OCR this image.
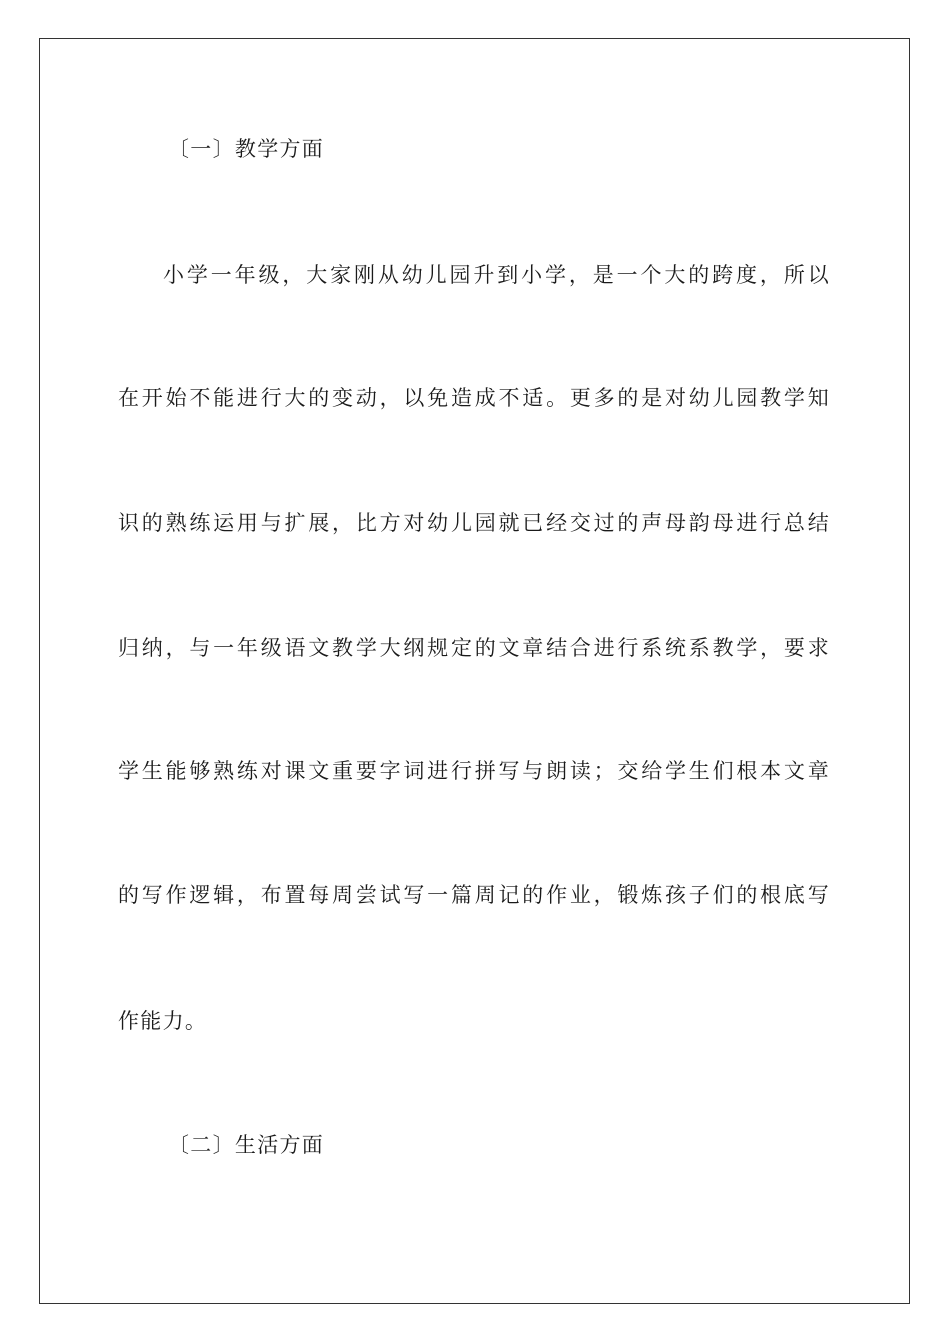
〔一〕教学方面
小学一年级，大家刚从幼儿园升到小学，是一个大的跨度，所以
在开始不能进行大的变动，以免造成不适。更多的是对幼儿园教学知
识的熟练运用与扩展，比方对幼儿园就已经交过的声母韵母进行总结
归纳，与一年级语文教学大纲规定的文章结合进行系统系教学，要求
学生能够熟练对课文重要字词进行拼写与朗读；交给学生们根本文章
的写作逻辑，布置每周尝试写一篇周记的作业，锻炼孩子们的根底写
作能力。
〔二〕生活方面
